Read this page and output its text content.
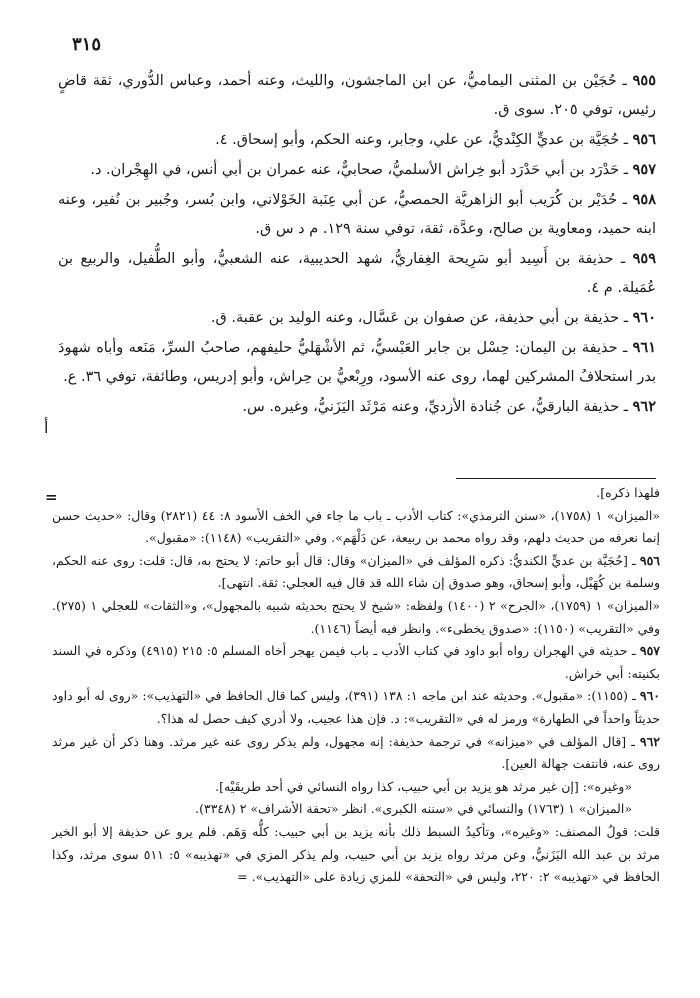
٣١٥

٩٥٥ ـ حُجَيْن بن المثنى اليماميُّ، عن ابن الماجشون، والليث، وعنه أحمد، وعباس الدُّوري، ثقة قاضٍ رئيس، توفي ٢٠٥. سوى ق.

٩٥٦ ـ حُجَيَّة بن عديٍّ الكِنْديُّ، عن علي، وجابر، وعنه الحكم، وأبو إسحاق. ٤.

٩٥٧ ـ حَدْرَد بن أبي حَدْرَد أبو خِراش الأسلميُّ، صحابيٌّ، عنه عمران بن أبي أنس، في الهِجْران. د.

٩٥٨ ـ حُدَيْر بن كُرَيب أبو الزاهريَّة الحمصيُّ، عن أبي عِنَبة الخَوْلاني، وابن بُسر، وجُبير بن نُفير، وعنه ابنه حميد، ومعاوية بن صالح، وعدَّة، ثقة، توفي سنة ١٢٩. م د س ق.

٩٥٩ ـ حذيفة بن أَسِيد أبو سَرِيحة الغِفاريُّ، شهد الحديبية، عنه الشعبيُّ، وأبو الطُّفيل، والربيع بن عُمَيلة. م ٤.

٩٦٠ ـ حذيفة بن أبي حذيفة، عن صفوان بن عَسَّال، وعنه الوليد بن عقبة. ق.

٩٦١ ـ حذيفة بن اليمان: حِسْل بن جابر العَبْسيُّ، ثم الأشْهَليُّ حليفهم، صاحبُ السرِّ، مَنَعه وأباه شهودَ بدر استحلافُ المشركين لهما، روى عنه الأسود، ورِبْعيُّ بن حِراش، وأبو إدريس، وطائفة، توفي ٣٦. ع.

٩٦٢ ـ حذيفة البارقيُّ، عن جُنادة الأزديِّ، وعنه مَرْثَد اليَزَنيُّ، وغيره. س.

أ
=	فلهذا ذكره].

«الميزان» ١ (١٧٥٨)، «سنن الترمذي»: كتاب الأدب ـ باب ما جاء في الخف الأسود ٨: ٤٤ (٢٨٢١) وقال: «حديث حسن إنما نعرفه من حديث دلهم، وقد رواه محمد بن ربيعة، عن دَلْهَم». وفي «التقريب» (١١٤٨): «مقبول».

٩٥٦ ـ [حُجَيَّة بن عديٍّ الكنديُّ: ذكره المؤلف في «الميزان» وقال: قال أبو حاتم: لا يحتج به، قال: قلت: روى عنه الحكم، وسلمة بن كُهَيْل، وأبو إسحاق، وهو صدوق إن شاء الله قد قال فيه العجلي: ثقة. انتهى].

«الميزان» ١ (١٧٥٩)، «الجرح» ٢ (١٤٠٠) ولفظه: «شيخ لا يحتج بحديثه شبيه بالمجهول»، و«الثقات» للعجلي ١ (٢٧٥). وفي «التقريب» (١١٥٠): «صدوق يخطىء». وانظر فيه أيضاً (١١٤٦).

٩٥٧ ـ حديثه في الهجران رواه أبو داود في كتاب الأدب ـ باب فيمن يهجر أخاه المسلم ٥: ٢١٥ (٤٩١٥) وذكره في السند بكنيته: أبي خراش.

٩٦٠ ـ (١١٥٥): «مقبول». وحديثه عند ابن ماجه ١: ١٣٨ (٣٩١)، وليس كما قال الحافظ في «التهذيب»: «روى له أبو داود حديثاً واحداً في الطهارة» ورمز له في «التقريب»: د. فإن هذا عجيب، ولا أدري كيف حصل له هذا؟.

٩٦٢ ـ [قال المؤلف في «ميزانه» في ترجمة حذيفة: إنه مجهول، ولم يذكر روى عنه غير مرثد. وهنا ذكر أن غير مرثد روى عنه، فانتفت جهالة العين].

«وغيره»: [إن غير مرثد هو يزيد بن أبي حبيب، كذا رواه النسائي في أحد طريقَيْه].

«الميزان» ١ (١٧٦٣) والنسائي في «سننه الكبرى». انظر «تحفة الأشراف» ٢ (٣٣٤٨).

قلت: قولُ المصنف: «وغيره»، وتأكيدُ السبط ذلك بأنه يزيد بن أبي حبيب: كلُّه وَهَم. فلم يرو عن حذيفة إلا أبو الخير مرثد بن عبد الله اليَزَنيُّ، وعن مرثد رواه يزيد بن أبي حبيب، ولم يذكر المزي في «تهذيبه» ٥: ٥١١ سوى مرثد، وكذا الحافظ في «تهذيبه» ٢: ٢٢٠، وليس في «التحفة» للمزي زيادة على «التهذيب». =
